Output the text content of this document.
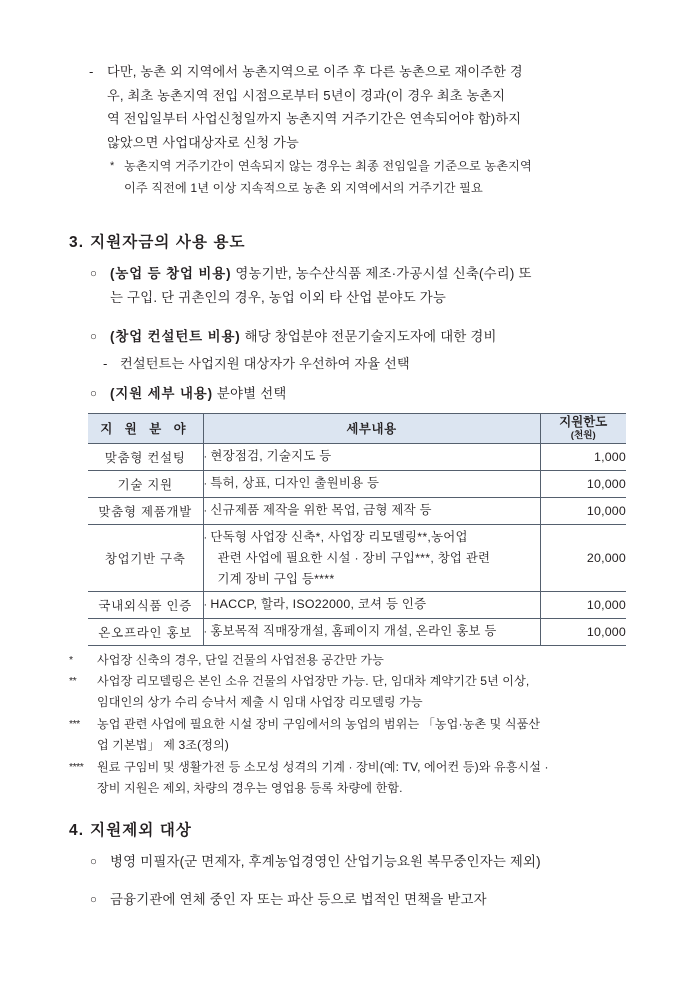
-	다만, 농촌 외 지역에서 농촌지역으로 이주 후 다른 농촌으로 재이주한 경
우, 최초 농촌지역 전입 시점으로부터 5년이 경과(이 경우 최초 농촌지
역 전입일부터 사업신청일까지 농촌지역 거주기간은 연속되어야 함)하지
않았으면 사업대상자로 신청 가능
* 농촌지역 거주기간이 연속되지 않는 경우는 최종 전임일을 기준으로 농촌지역
이주 직전에 1년 이상 지속적으로 농촌 외 지역에서의 거주기간 필요
3. 지원자금의 사용 용도
○ (농업 등 창업 비용) 영농기반, 농수산식품 제조·가공시설 신축(수리) 또
는 구입. 단 귀촌인의 경우, 농업 이외 타 산업 분야도 가능
○ (창업 컨설턴트 비용) 해당 창업분야 전문기술지도자에 대한 경비
- 컨설턴트는 사업지원 대상자가 우선하여 자율 선택
○ (지원 세부 내용) 분야별 선택
지 원 분 야	세부내용	지원한도
(천원)

맞춤형 컨설팅	· 현장점검, 기술지도 등	1,000
기술 지원	· 특허, 상표, 디자인 출원비용 등	10,000
맞춤형 제품개발	· 신규제품 제작을 위한 목업, 금형 제작 등	10,000
창업기반 구축	· 단독형 사업장 신축*, 사업장 리모델링**,농어업
관련 사업에 필요한 시설 · 장비 구입***, 창업 관련
기계 장비 구입 등****	20,000
국내외식품 인증	· HACCP, 할라, ISO22000, 코셔 등 인증	10,000
온오프라인 홍보	· 홍보목적 직매장개설, 홈페이지 개설, 온라인 홍보 등	10,000
*	사업장 신축의 경우, 단일 건물의 사업전용 공간만 가능
**	사업장 리모델링은 본인 소유 건물의 사업장만 가능. 단, 임대차 계약기간 5년 이상,
임대인의 상가 수리 승낙서 제출 시 임대 사업장 리모델링 가능
***	농업 관련 사업에 필요한 시설 장비 구임에서의 농업의 범위는 「농업·농촌 및 식품산
업 기본법」 제 3조(정의)
****	원료 구임비 및 생활가전 등 소모성 성격의 기계 · 장비(예: TV, 에어컨 등)와 유흥시설 ·
장비 지원은 제외, 차량의 경우는 영업용 등록 차량에 한함.
4. 지원제외 대상
○ 병영 미필자(군 면제자, 후계농업경영인 산업기능요원 복무중인자는 제외)
○ 금융기관에 연체 중인 자 또는 파산 등으로 법적인 면책을 받고자
